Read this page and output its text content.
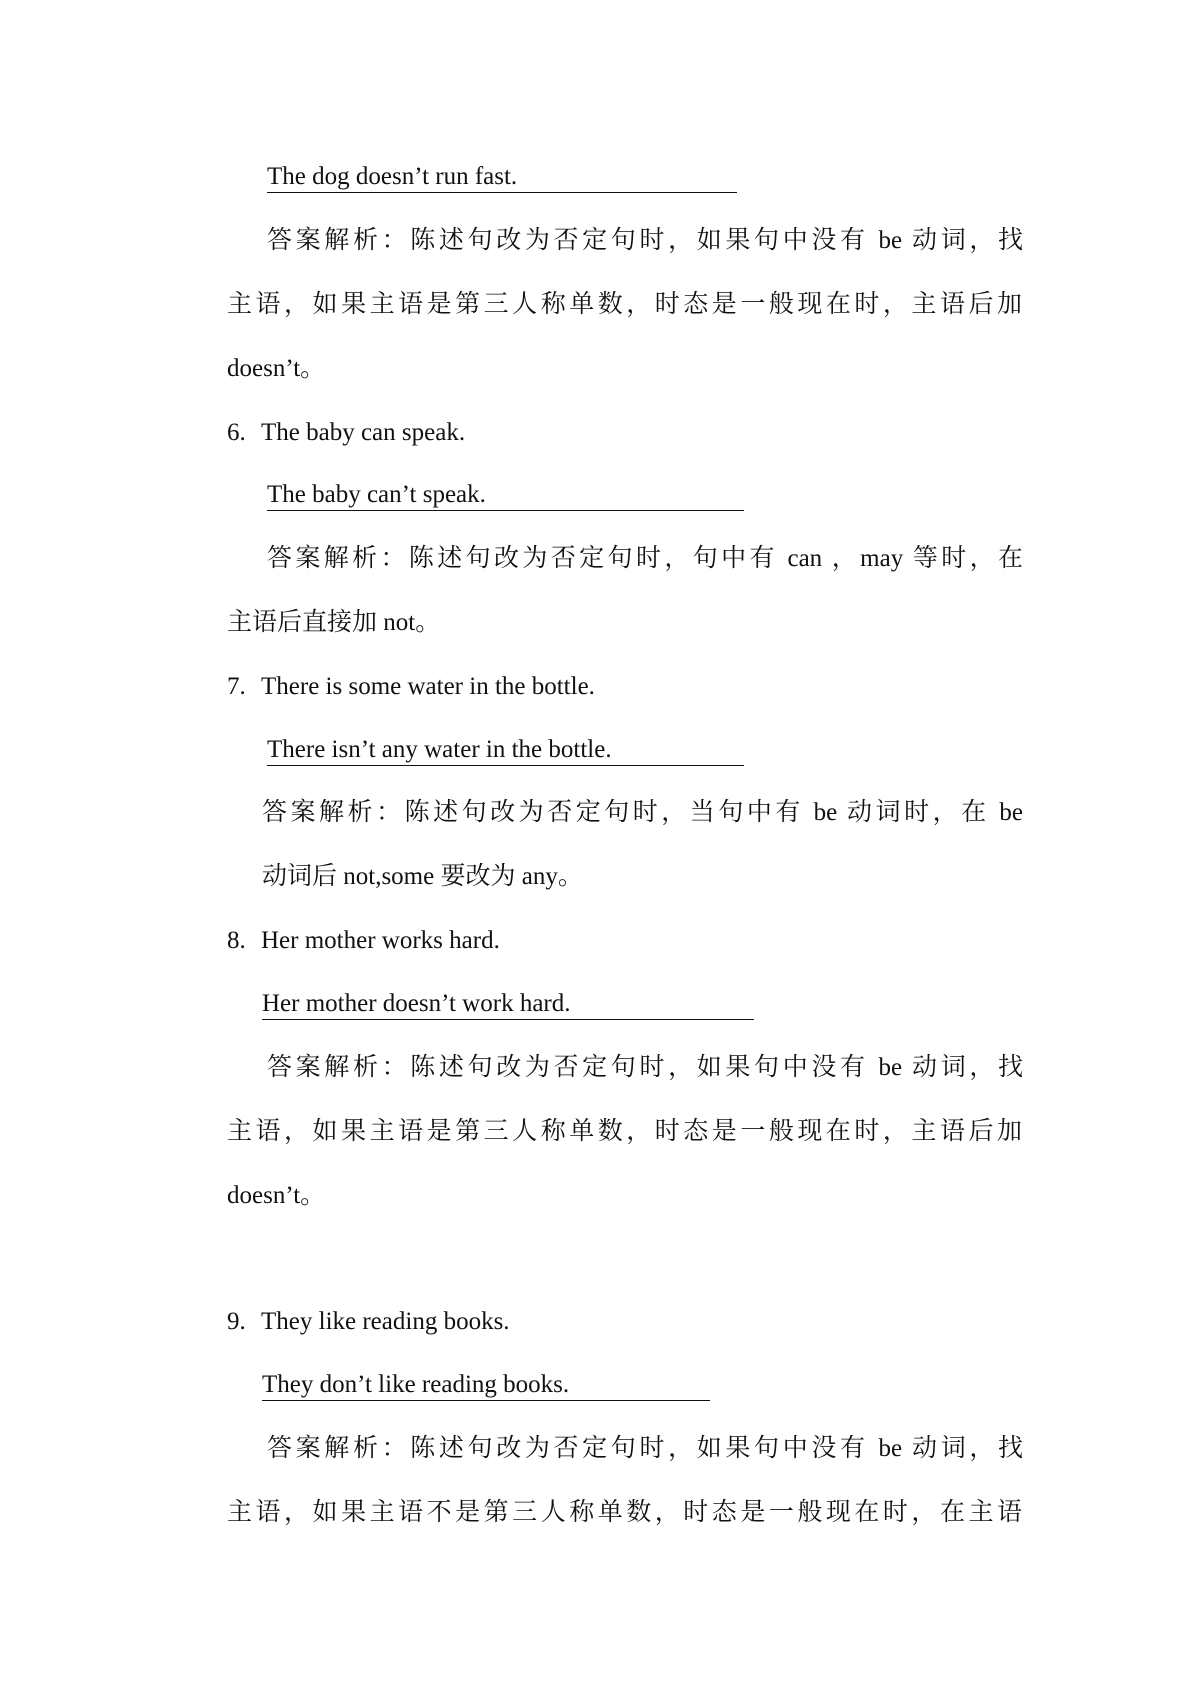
The dog doesn’t run fast.
答案解析：陈述句改为否定句时，如果句中没有 be 动词，找
主语，如果主语是第三人称单数，时态是一般现在时，主语后加
doesn’t。
6. The baby can speak.
The baby can’t speak.
答案解析：陈述句改为否定句时，句中有 can ，may 等时，在
主语后直接加 not。
7. There is some water in the bottle.
There isn’t any water in the bottle.
答案解析：陈述句改为否定句时，当句中有 be 动词时，在 be
动词后 not,some 要改为 any。
8. Her mother works hard.
Her mother doesn’t work hard.
答案解析：陈述句改为否定句时，如果句中没有 be 动词，找
主语，如果主语是第三人称单数，时态是一般现在时，主语后加
doesn’t。
9. They like reading books.
They don’t like reading books.
答案解析：陈述句改为否定句时，如果句中没有 be 动词，找
主语，如果主语不是第三人称单数，时态是一般现在时，在主语
